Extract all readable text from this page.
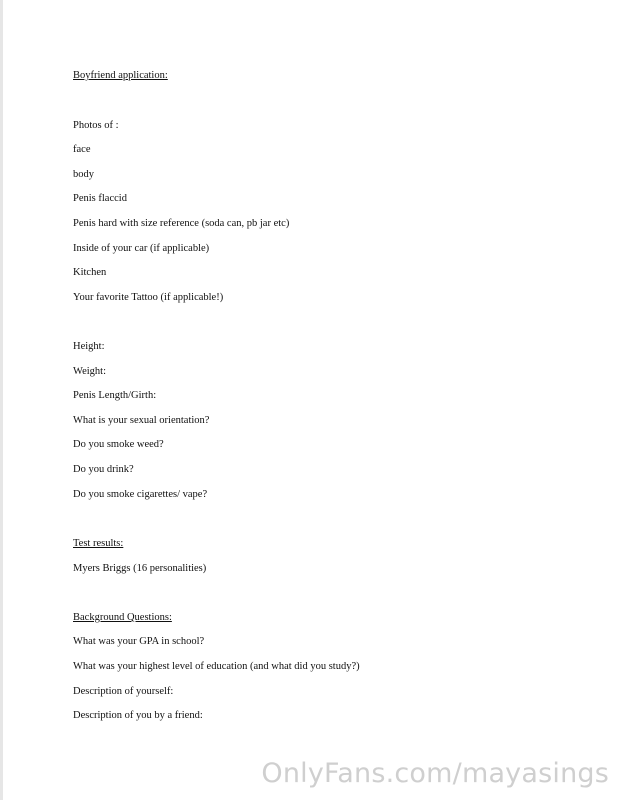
Boyfriend application:
Photos of :
face
body
Penis flaccid
Penis hard with size reference (soda can, pb jar etc)
Inside of your car (if applicable)
Kitchen
Your favorite Tattoo (if applicable!)
Height:
Weight:
Penis Length/Girth:
What is your sexual orientation?
Do you smoke weed?
Do you drink?
Do you smoke cigarettes/ vape?
Test results:
Myers Briggs (16 personalities)
Background Questions:
What was your GPA in school?
What was your highest level of education (and what did you study?)
Description of yourself:
Description of you by a friend:
OnlyFans.com/mayasings
